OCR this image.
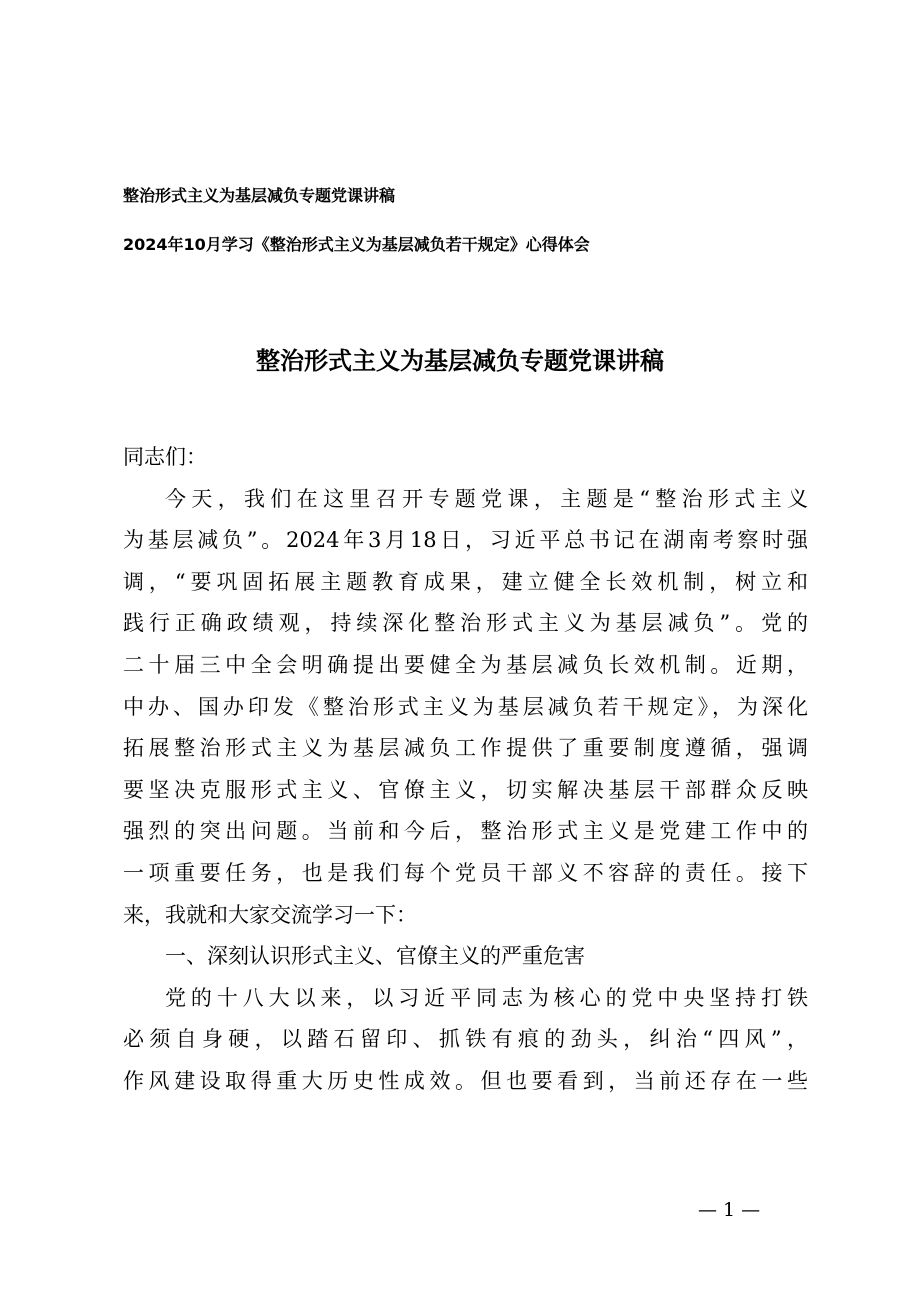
整治形式主义为基层减负专题党课讲稿
2024年10月学习《整治形式主义为基层减负若干规定》心得体会
整治形式主义为基层减负专题党课讲稿
同志们：
今天，我们在这里召开专题党课，主题是“整治形式主义
为基层减负”。2024年3月18日，习近平总书记在湖南考察时强
调，“要巩固拓展主题教育成果，建立健全长效机制，树立和
践行正确政绩观，持续深化整治形式主义为基层减负”。党的
二十届三中全会明确提出要健全为基层减负长效机制。近期，
中办、国办印发《整治形式主义为基层减负若干规定》，为深化
拓展整治形式主义为基层减负工作提供了重要制度遵循，强调
要坚决克服形式主义、官僚主义，切实解决基层干部群众反映
强烈的突出问题。当前和今后，整治形式主义是党建工作中的
一项重要任务，也是我们每个党员干部义不容辞的责任。接下
来，我就和大家交流学习一下：
一、深刻认识形式主义、官僚主义的严重危害
党的十八大以来，以习近平同志为核心的党中央坚持打铁
必须自身硬，以踏石留印、抓铁有痕的劲头，纠治“四风”，
作风建设取得重大历史性成效。但也要看到，当前还存在一些
— 1 —
